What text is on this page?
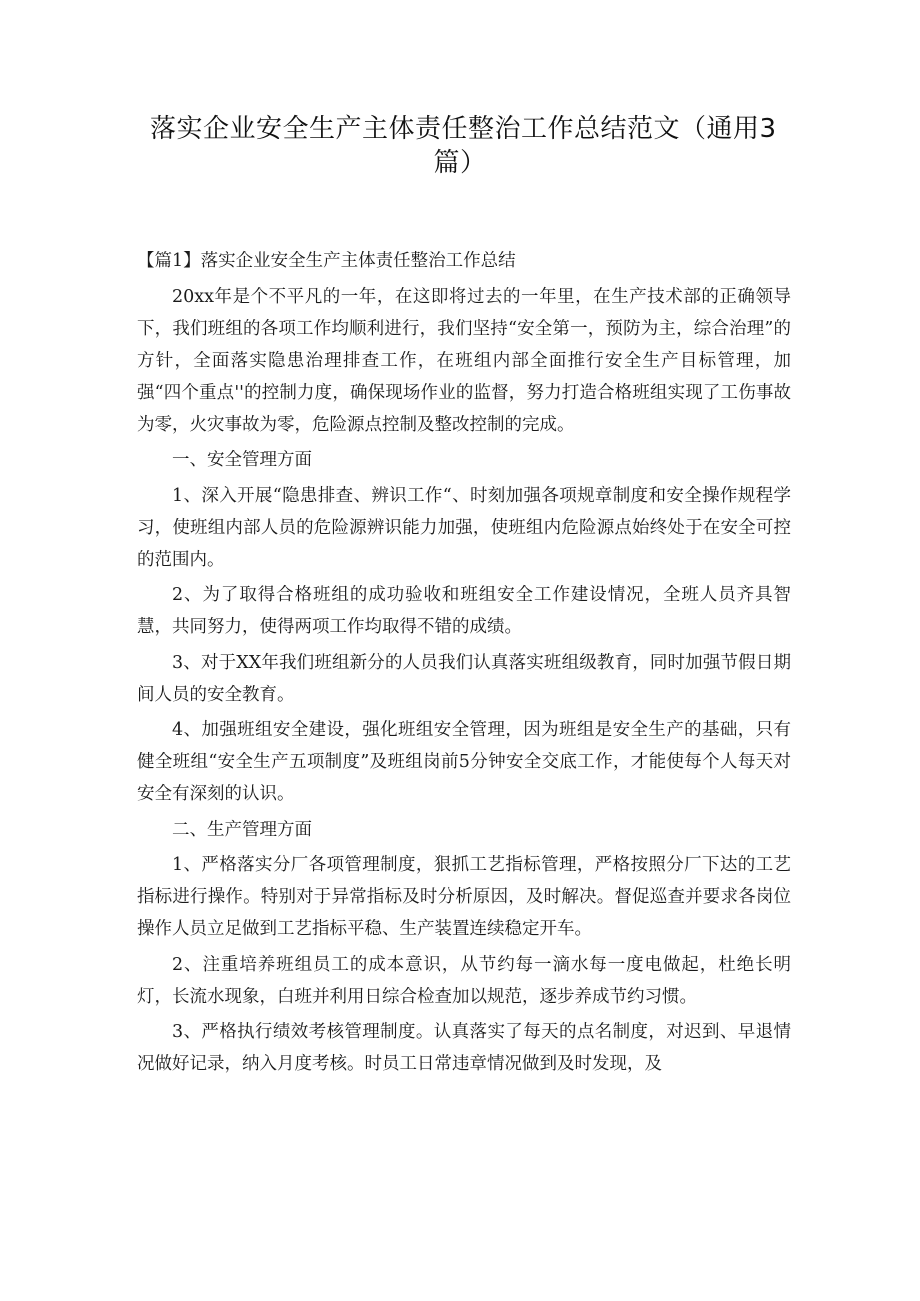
落实企业安全生产主体责任整治工作总结范文（通用3
篇）

【篇1】落实企业安全生产主体责任整治工作总结

20xx年是个不平凡的一年，在这即将过去的一年里，在生产技术部的正确领导下，我们班组的各项工作均顺利进行，我们坚持“安全第一，预防为主，综合治理”的方针，全面落实隐患治理排查工作，在班组内部全面推行安全生产目标管理，加强“四个重点''的控制力度，确保现场作业的监督，努力打造合格班组实现了工伤事故为零，火灾事故为零，危险源点控制及整改控制的完成。

一、安全管理方面

1、深入开展“隐患排查、辨识工作“、时刻加强各项规章制度和安全操作规程学习，使班组内部人员的危险源辨识能力加强，使班组内危险源点始终处于在安全可控的范围内。

2、为了取得合格班组的成功验收和班组安全工作建设情况，全班人员齐具智慧，共同努力，使得两项工作均取得不错的成绩。

3、对于XX年我们班组新分的人员我们认真落实班组级教育，同时加强节假日期间人员的安全教育。

4、加强班组安全建设，强化班组安全管理，因为班组是安全生产的基础，只有健全班组“安全生产五项制度”及班组岗前5分钟安全交底工作，才能使每个人每天对安全有深刻的认识。

二、生产管理方面

1、严格落实分厂各项管理制度，狠抓工艺指标管理，严格按照分厂下达的工艺指标进行操作。特别对于异常指标及时分析原因，及时解决。督促巡查并要求各岗位操作人员立足做到工艺指标平稳、生产装置连续稳定开车。

2、注重培养班组员工的成本意识，从节约每一滴水每一度电做起，杜绝长明灯，长流水现象，白班并利用日综合检查加以规范，逐步养成节约习惯。

3、严格执行绩效考核管理制度。认真落实了每天的点名制度，对迟到、早退情况做好记录，纳入月度考核。时员工日常违章情况做到及时发现，及
